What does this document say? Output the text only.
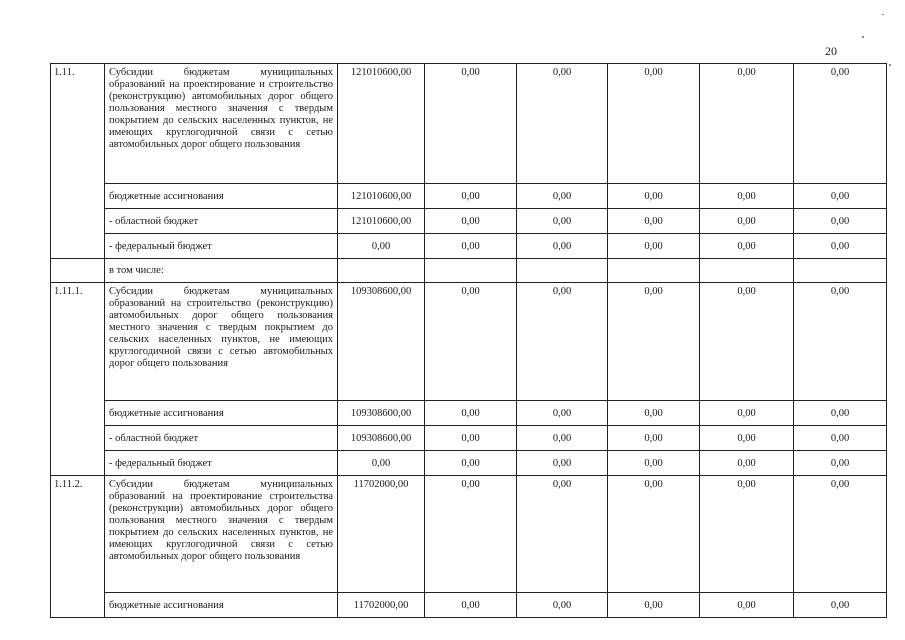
20
1.11.	Субсидии бюджетам муниципальных образований на проектирование и строительство (реконструкцию) автомобильных дорог общего пользования местного значения с твердым покрытием до сельских населенных пунктов, не имеющих круглогодичной связи с сетью автомобильных дорог общего пользования	121010600,00	0,00	0,00	0,00	0,00	0,00
	бюджетные ассигнования	121010600,00	0,00	0,00	0,00	0,00	0,00
	- областной бюджет	121010600,00	0,00	0,00	0,00	0,00	0,00
	- федеральный бюджет	0,00	0,00	0,00	0,00	0,00	0,00
	в том числе:						
1.11.1.	Субсидии бюджетам муниципальных образований на строительство (реконструкцию) автомобильных дорог общего пользования местного значения с твердым покрытием до сельских населенных пунктов, не имеющих круглогодичной связи с сетью автомобильных дорог общего пользования	109308600,00	0,00	0,00	0,00	0,00	0,00
	бюджетные ассигнования	109308600,00	0,00	0,00	0,00	0,00	0,00
	- областной бюджет	109308600,00	0,00	0,00	0,00	0,00	0,00
	- федеральный бюджет	0,00	0,00	0,00	0,00	0,00	0,00
1.11.2.	Субсидии бюджетам муниципальных образований на проектирование строительства (реконструкции) автомобильных дорог общего пользования местного значения с твердым покрытием до сельских населенных пунктов, не имеющих круглогодичной связи с сетью автомобильных дорог общего пользования	11702000,00	0,00	0,00	0,00	0,00	0,00
	бюджетные ассигнования	11702000,00	0,00	0,00	0,00	0,00	0,00
